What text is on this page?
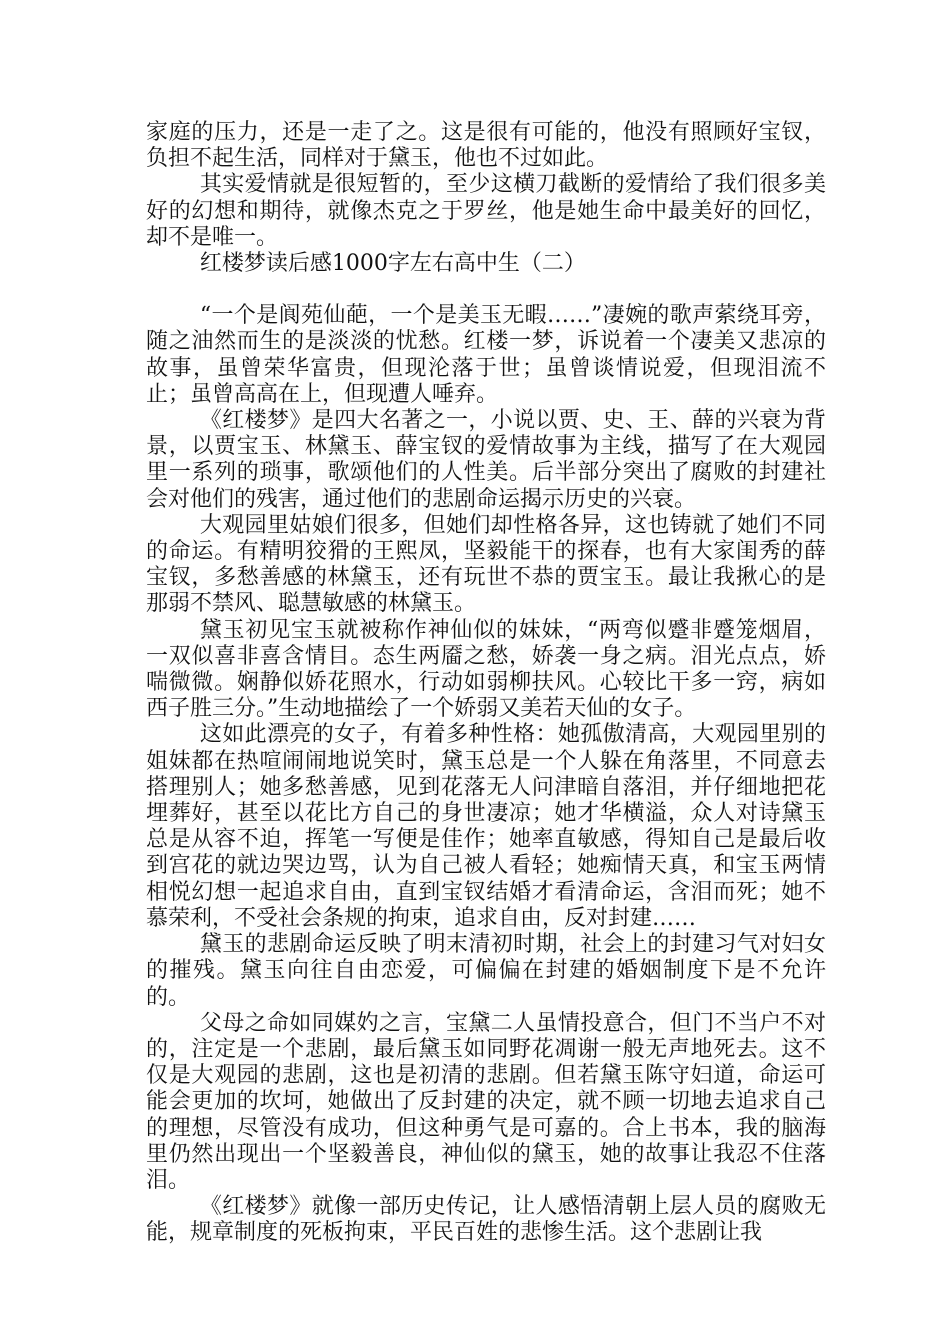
家庭的压力，还是一走了之。这是很有可能的，他没有照顾好宝钗，负担不起生活，同样对于黛玉，他也不过如此。

其实爱情就是很短暂的，至少这横刀截断的爱情给了我们很多美好的幻想和期待，就像杰克之于罗丝，他是她生命中最美好的回忆，却不是唯一。

红楼梦读后感1000字左右高中生（二）

“一个是阆苑仙葩，一个是美玉无暇……”凄婉的歌声萦绕耳旁，随之油然而生的是淡淡的忧愁。红楼一梦，诉说着一个凄美又悲凉的故事，虽曾荣华富贵，但现沦落于世；虽曾谈情说爱，但现泪流不止；虽曾高高在上，但现遭人唾弃。

《红楼梦》是四大名著之一，小说以贾、史、王、薛的兴衰为背景，以贾宝玉、林黛玉、薛宝钗的爱情故事为主线，描写了在大观园里一系列的琐事，歌颂他们的人性美。后半部分突出了腐败的封建社会对他们的残害，通过他们的悲剧命运揭示历史的兴衰。

大观园里姑娘们很多，但她们却性格各异，这也铸就了她们不同的命运。有精明狡猾的王熙凤，坚毅能干的探春，也有大家闺秀的薛宝钗，多愁善感的林黛玉，还有玩世不恭的贾宝玉。最让我揪心的是那弱不禁风、聪慧敏感的林黛玉。

黛玉初见宝玉就被称作神仙似的妹妹，“两弯似蹙非蹙笼烟眉，一双似喜非喜含情目。态生两靥之愁，娇袭一身之病。泪光点点，娇喘微微。娴静似娇花照水，行动如弱柳扶风。心较比干多一窍，病如西子胜三分。”生动地描绘了一个娇弱又美若天仙的女子。

这如此漂亮的女子，有着多种性格：她孤傲清高，大观园里别的姐妹都在热喧闹闹地说笑时，黛玉总是一个人躲在角落里，不同意去搭理别人；她多愁善感，见到花落无人问津暗自落泪，并仔细地把花埋葬好，甚至以花比方自己的身世凄凉；她才华横溢，众人对诗黛玉总是从容不迫，挥笔一写便是佳作；她率直敏感，得知自己是最后收到宫花的就边哭边骂，认为自己被人看轻；她痴情天真，和宝玉两情相悦幻想一起追求自由，直到宝钗结婚才看清命运，含泪而死；她不慕荣利，不受社会条规的拘束，追求自由，反对封建……

黛玉的悲剧命运反映了明末清初时期，社会上的封建习气对妇女的摧残。黛玉向往自由恋爱，可偏偏在封建的婚姻制度下是不允许的。

父母之命如同媒妁之言，宝黛二人虽情投意合，但门不当户不对的，注定是一个悲剧，最后黛玉如同野花凋谢一般无声地死去。这不仅是大观园的悲剧，这也是初清的悲剧。但若黛玉陈守妇道，命运可能会更加的坎坷，她做出了反封建的决定，就不顾一切地去追求自己的理想，尽管没有成功，但这种勇气是可嘉的。合上书本，我的脑海里仍然出现出一个坚毅善良，神仙似的黛玉，她的故事让我忍不住落泪。

《红楼梦》就像一部历史传记，让人感悟清朝上层人员的腐败无能，规章制度的死板拘束，平民百姓的悲惨生活。这个悲剧让我
